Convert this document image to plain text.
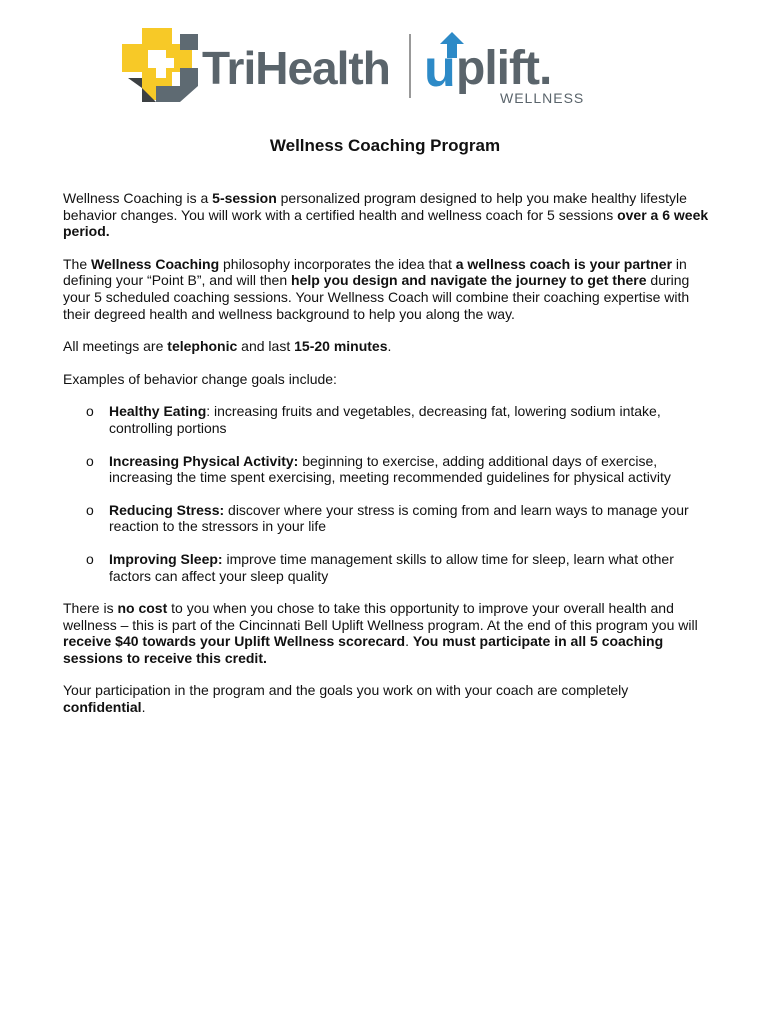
TriHealth u plift.
WELLNESS
Wellness Coaching Program

Wellness Coaching is a 5-session personalized program designed to help you make healthy lifestyle behavior changes. You will work with a certified health and wellness coach for 5 sessions over a 6 week period.

The Wellness Coaching philosophy incorporates the idea that a wellness coach is your partner in defining your “Point B”, and will then help you design and navigate the journey to get there during your 5 scheduled coaching sessions. Your Wellness Coach will combine their coaching expertise with their degreed health and wellness background to help you along the way.

All meetings are telephonic and last 15-20 minutes.

Examples of behavior change goals include:

o Healthy Eating: increasing fruits and vegetables, decreasing fat, lowering sodium intake, controlling portions
o Increasing Physical Activity: beginning to exercise, adding additional days of exercise, increasing the time spent exercising, meeting recommended guidelines for physical activity
o Reducing Stress: discover where your stress is coming from and learn ways to manage your reaction to the stressors in your life
o Improving Sleep: improve time management skills to allow time for sleep, learn what other factors can affect your sleep quality

There is no cost to you when you chose to take this opportunity to improve your overall health and wellness – this is part of the Cincinnati Bell Uplift Wellness program. At the end of this program you will receive $40 towards your Uplift Wellness scorecard. You must participate in all 5 coaching sessions to receive this credit.

Your participation in the program and the goals you work on with your coach are completely confidential.
